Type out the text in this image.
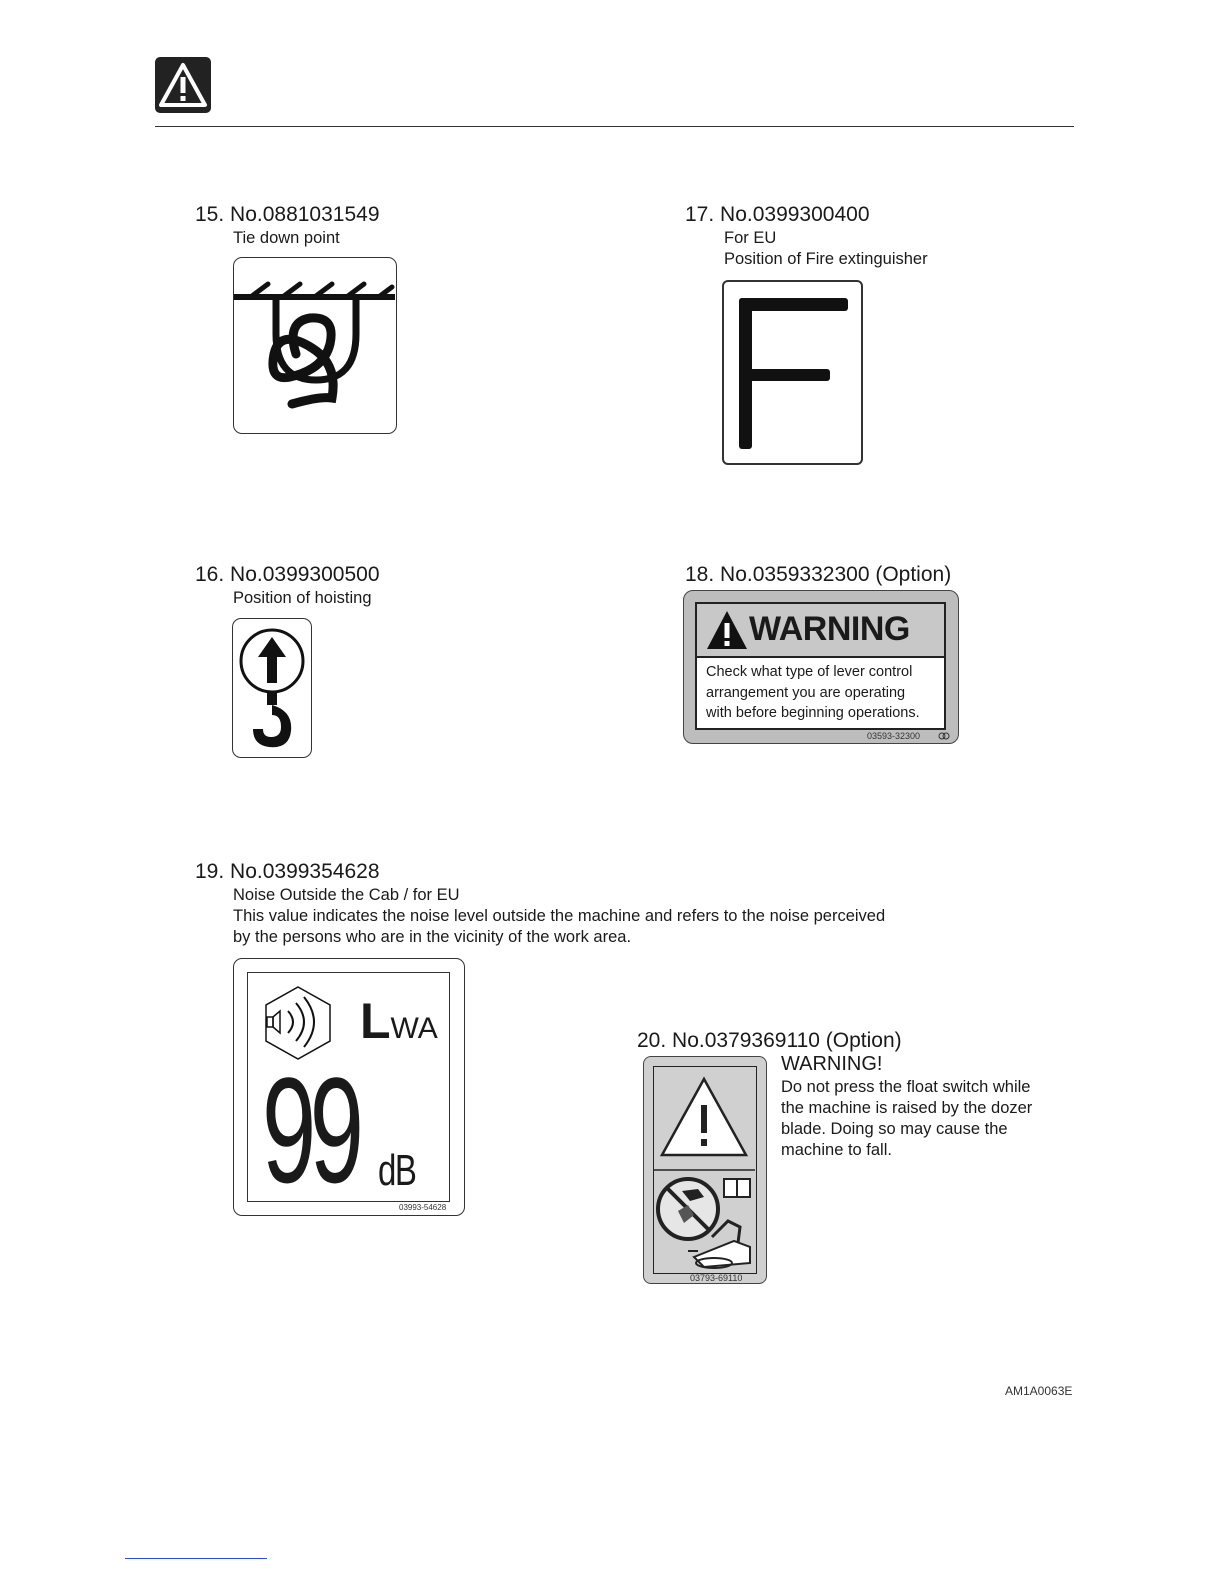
15. No.0881031549
Tie down point
16. No.0399300500
Position of hoisting
17. No.0399300400
For EU
Position of Fire extinguisher
18. No.0359332300 (Option)
WARNING
Check what type of lever control
arrangement you are operating
with before beginning operations.
03593-32300
19. No.0399354628
Noise Outside the Cab / for EU
This value indicates the noise level outside the machine and refers to the noise perceived
by the persons who are in the vicinity of the work area.
LWA
99 dB
03993-54628
20. No.0379369110 (Option)
WARNING!
Do not press the float switch while
the machine is raised by the dozer
blade. Doing so may cause the
machine to fall.
03793-69110
AM1A0063E
